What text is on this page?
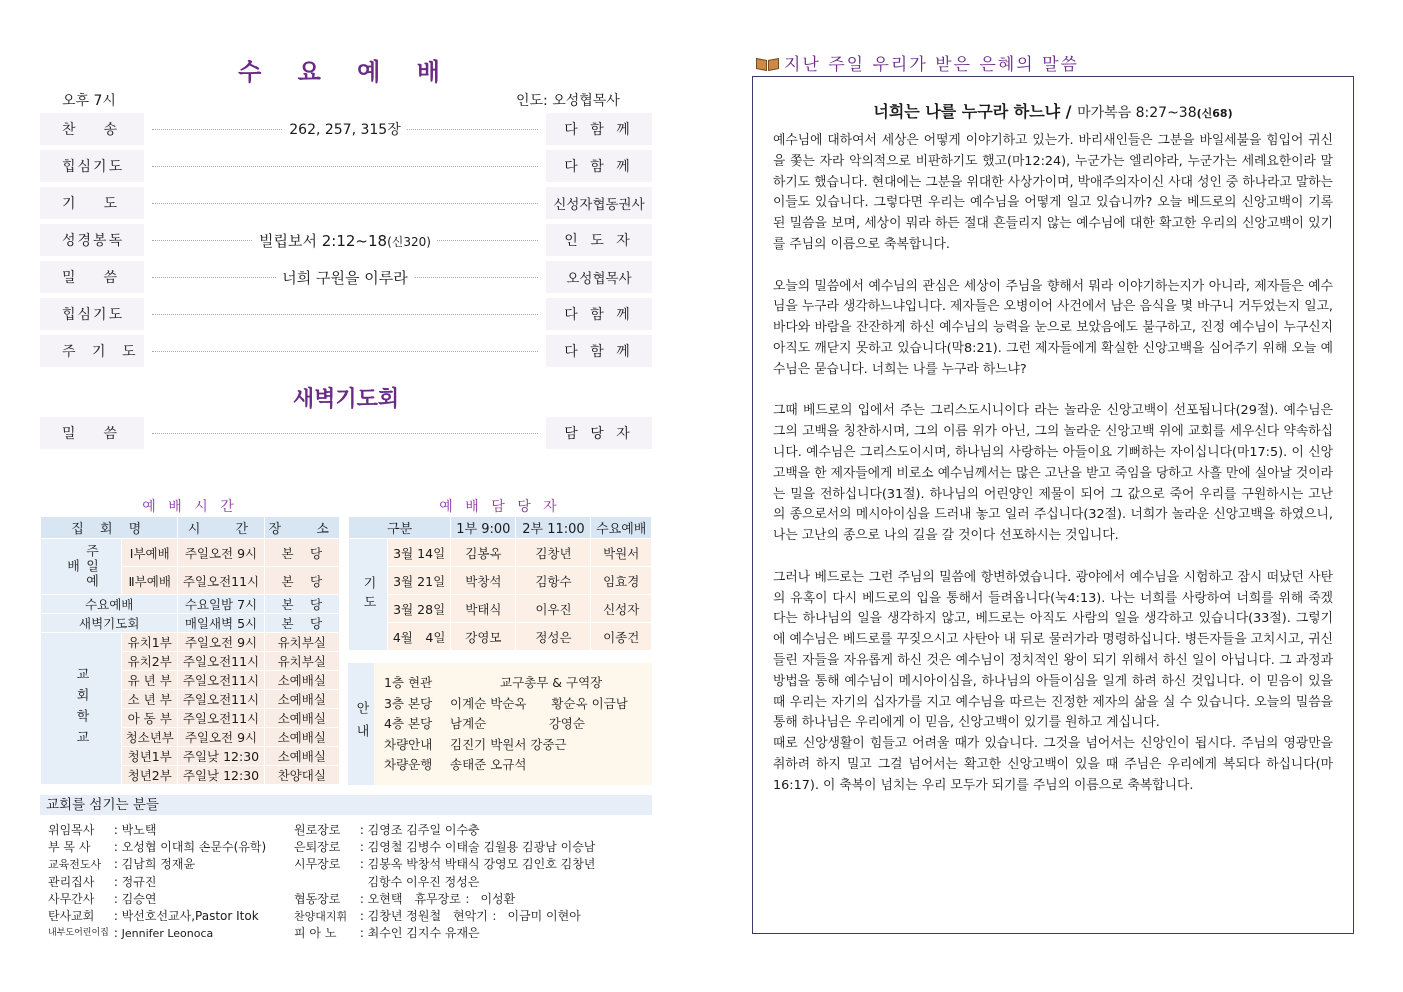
수 요 예 배
오후 7시	인도: 오성협목사
찬　　송	262, 257, 315장	다 함 께
힙심기도	다 함 께
기　　도	신성자협동권사
성경봉독	빌립보서 2:12~18(신320)	인 도 자
밀　　씀	너희 구원을 이루라	오성협목사
힙심기도	다 함 께
주 기 도	다 함 께
새벽기도회
밀　　씀	담 당 자
예 배 시 간	예 배 담 당 자
집 회 명		시　 간	장　 소
주일예배	Ⅰ부예배	주일오전 9시	본　 당
	Ⅱ부예배	주일오전11시	본　 당
수요예배		수요일밤 7시	본　 당
새벽기도회		매일새벽 5시	본　 당
교회학교	유치1부	주일오전 9시	유치부실
	유치2부	주일오전11시	유치부실
	유 년 부	주일오전11시	소예배실
	소 년 부	주일오전11시	소예배실
	아 동 부	주일오전11시	소예배실
	청소년부	주일오전 9시	소예배실
	청년1부	주일낮 12:30	소예배실
	청년2부	주일낮 12:30	찬양대실
구분		1부 9:00	2부 11:00	수요예배
기도	3월 14일	김봉옥	김창년	박원서
	3월 21일	박창석	김항수	임효경
	3월 28일	박태식	이우진	신성자
	4월　4일	강영모	정성은	이종건
안내
1층 현관	　　　　교구총무 & 구역장
3층 본당	이계순 박순옥　　황순옥 이금남
4층 본당	남계순　　　　　강영순
차량안내	김진기 박원서 강중근
차량운행	송태준 오규석
교회를 섬기는 분들
위임목사	: 박노택
부 목 사	: 오성협 이대희 손문수(유학)
교육전도사 : 김남희 정재윤
관리집사	: 정규진
사무간사	: 김승연
탄사교회	: 박선호선교사,Pastor Itok
내부도어린이집 : Jennifer Leonoca
원로장로	: 김영조 김주일 이수충
은퇴장로	: 김영철 김병수 이태술 김월용 김광남 이승남
시무장로	: 김봉옥 박창석 박태식 강영모 김인호 김창년

김항수 이우진 정성은
협동장로	: 오현택　휴무장로 ： 이성환
찬양대지휘 : 김창년 정원철　현악기 ： 이금미 이현아
피 아 노	: 최수인 김지수 유재은
지난 주일 우리가 받은 은혜의 말씀
너희는 나를 누구라 하느냐 / 마가복음 8:27~38(신68)

예수님에 대하여서 세상은 어떻게 이야기하고 있는가. 바리새인들은 그분을 바일세불을 힘입어 귀신을 쫓는 자라 악의적으로 비판하기도 했고(마12:24), 누군가는 엘리야라, 누군가는 세례요한이라 말하기도 했습니다. 현대에는 그분을 위대한 사상가이며, 박애주의자이신 사대 성인 중 하나라고 말하는 이들도 있습니다. 그렇다면 우리는 예수님을 어떻게 일고 있습니까? 오늘 베드로의 신앙고백이 기록된 밀씀을 보며, 세상이 뭐라 하든 절대 흔들리지 않는 예수님에 대한 확고한 우리의 신앙고백이 있기를 주님의 이름으로 축복합니다.

오늘의 밀씀에서 예수님의 관심은 세상이 주님을 향해서 뭐라 이야기하는지가 아니라, 제자들은 예수님을 누구라 생각하느냐입니다. 제자들은 오병이어 사건에서 남은 음식을 몇 바구니 거두었는지 일고, 바다와 바람을 잔잔하게 하신 예수님의 능력을 눈으로 보았음에도 불구하고, 진정 예수님이 누구신지 아직도 깨닫지 못하고 있습니다(막8:21). 그런 제자들에게 확실한 신앙고백을 심어주기 위해 오늘 예수님은 묻습니다. 너희는 나를 누구라 하느냐?

그때 베드로의 입에서 주는 그리스도시니이다 라는 놀라운 신앙고백이 선포됩니다(29절). 예수님은 그의 고백을 칭찬하시며, 그의 이름 위가 아닌, 그의 놀라운 신앙고백 위에 교회를 세우신다 약속하십니다. 예수님은 그리스도이시며, 하나님의 사랑하는 아들이요 기뻐하는 자이십니다(마17:5). 이 신앙고백을 한 제자들에게 비로소 예수님께서는 많은 고난을 받고 죽임을 당하고 사흘 만에 실아날 것이라는 밀을 전하십니다(31절). 하나님의 어린양인 제물이 되어 그 값으로 죽어 우리를 구원하시는 고난의 종으로서의 메시아이심을 드러내 놓고 일러 주십니다(32절). 너희가 놀라운 신앙고백을 하였으니, 나는 고난의 종으로 나의 길을 갈 것이다 선포하시는 것입니다.

그러나 베드로는 그런 주님의 밀씀에 항변하였습니다. 광야에서 예수님을 시험하고 잠시 떠났던 사탄의 유혹이 다시 베드로의 입을 통해서 들려옵니다(눅4:13). 나는 너희를 사랑하여 너희를 위해 죽겠다는 하나님의 일을 생각하지 않고, 베드로는 아직도 사람의 일을 생각하고 있습니다(33절). 그렇기에 예수님은 베드로를 꾸짖으시고 사탄아 내 뒤로 물러가라 명령하십니다. 병든자들을 고치시고, 귀신들린 자들을 자유롭게 하신 것은 예수님이 정치적인 왕이 되기 위해서 하신 일이 아닙니다. 그 과정과 방법을 통해 예수님이 메시아이심을, 하나님의 아들이심을 일게 하려 하신 것입니다. 이 믿음이 있을 때 우리는 자기의 십자가를 지고 예수님을 따르는 진정한 제자의 삶을 실 수 있습니다. 오늘의 밀씀을 통해 하나님은 우리에게 이 믿음, 신앙고백이 있기를 원하고 계십니다.

때로 신앙생활이 힘들고 어려울 때가 있습니다. 그것을 넘어서는 신앙인이 됩시다. 주님의 영광만을 취하려 하지 밀고 그걸 넘어서는 확고한 신앙고백이 있을 때 주님은 우리에게 복되다 하십니다(마16:17). 이 축복이 넘치는 우리 모두가 되기를 주님의 이름으로 축복합니다.
